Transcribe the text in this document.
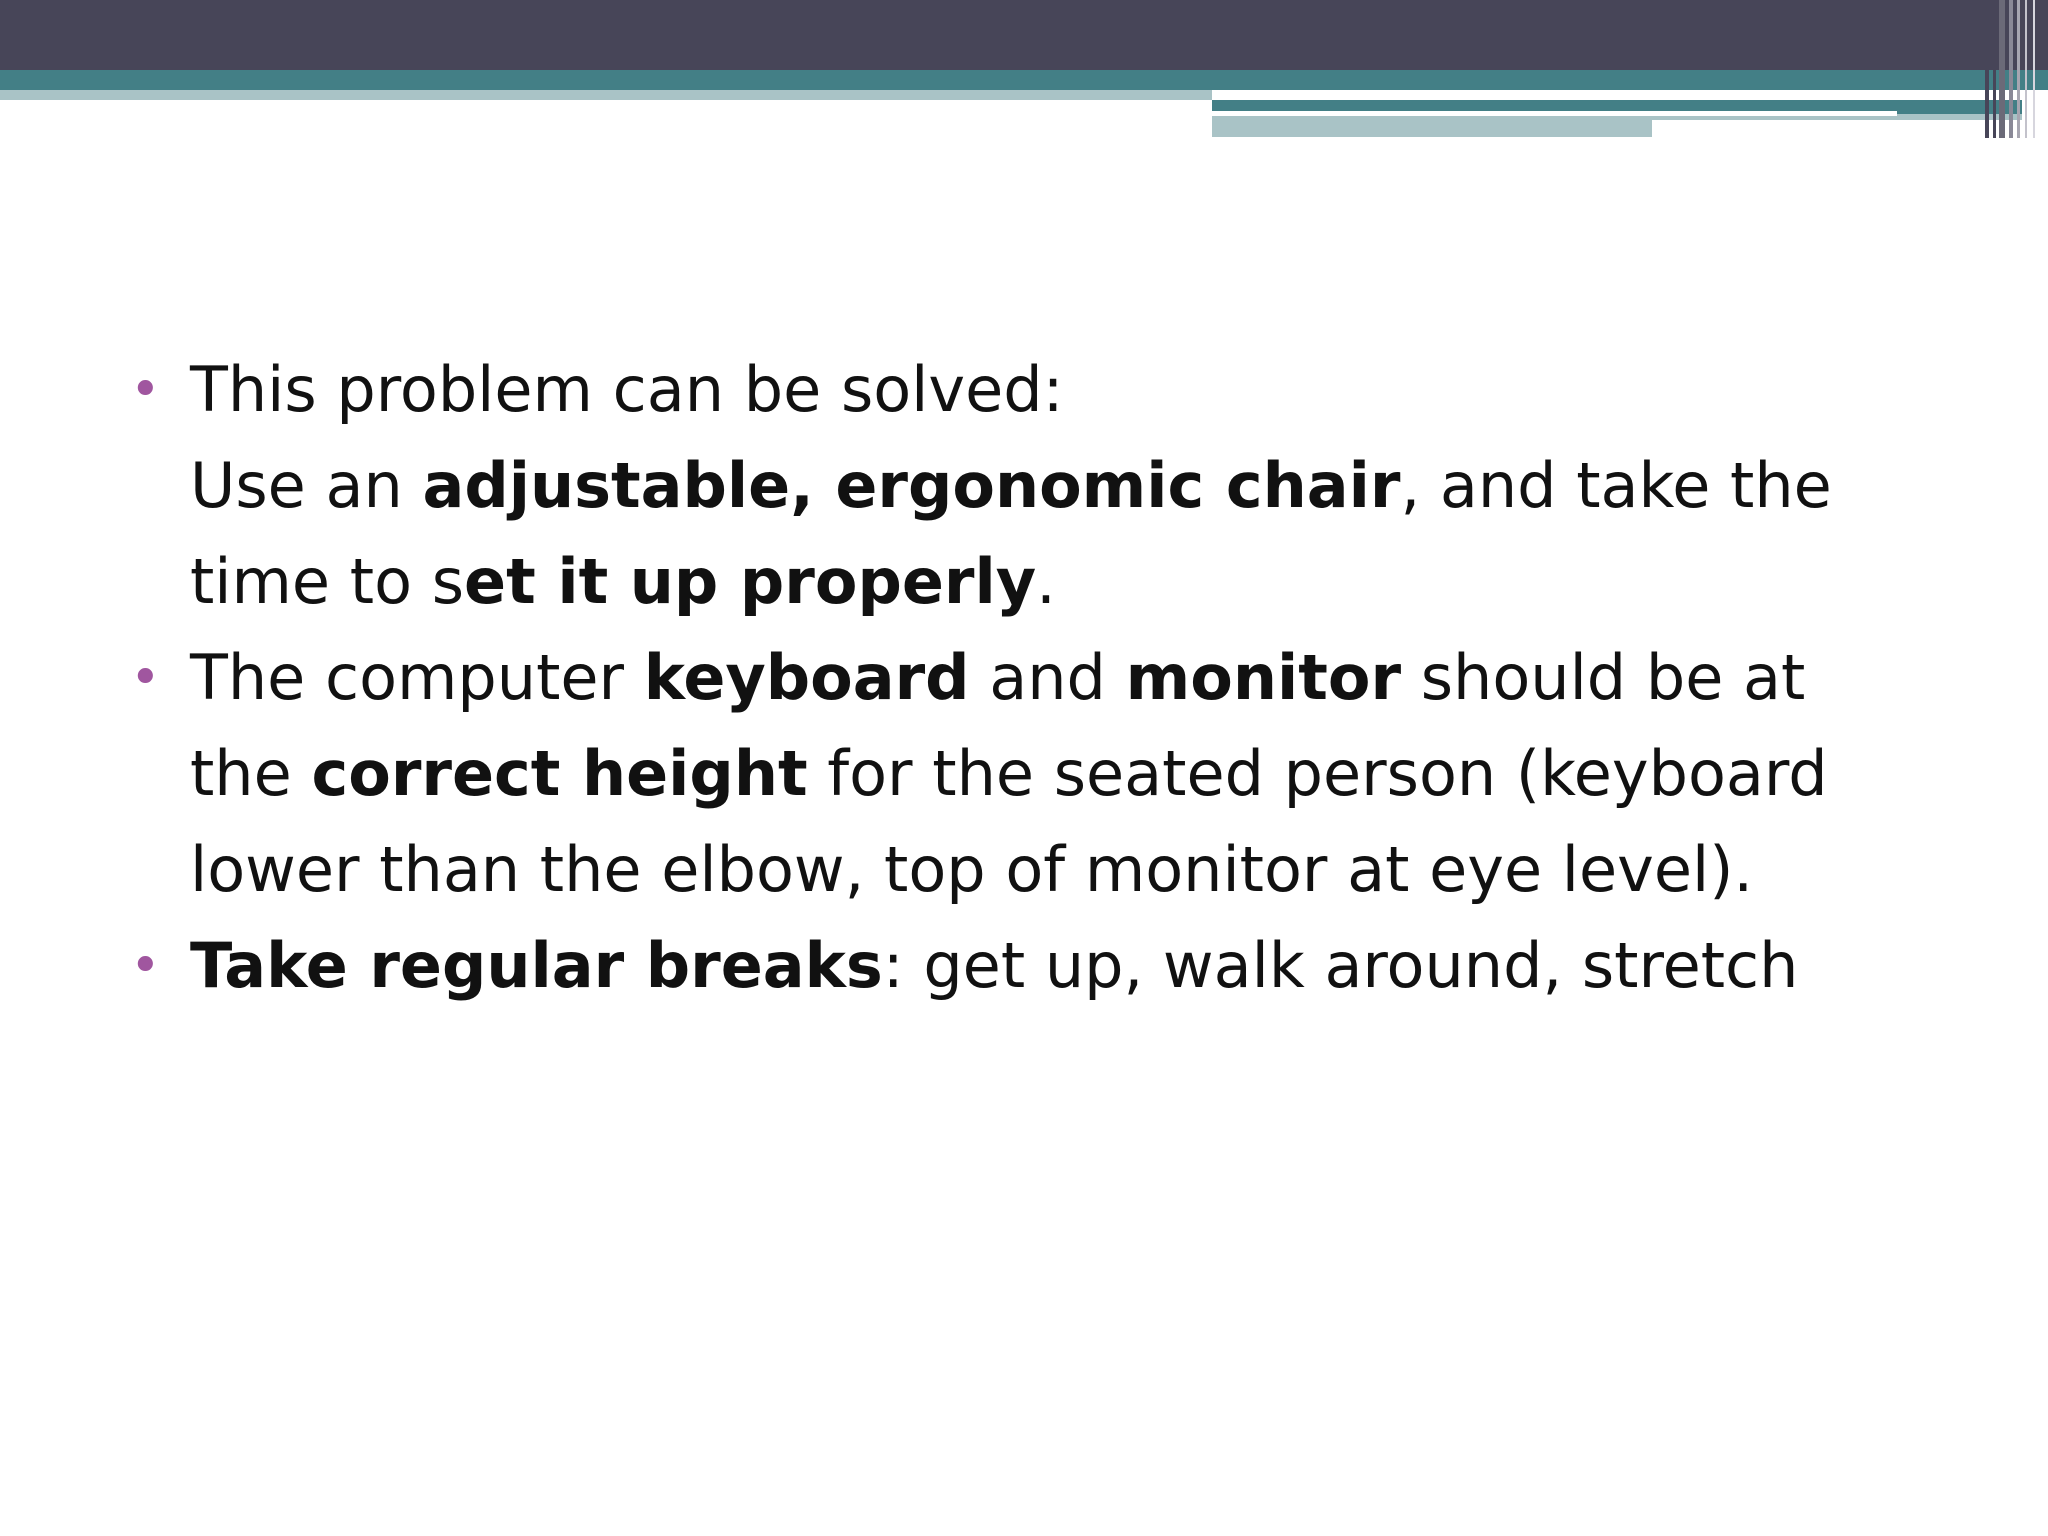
• This problem can be solved:
Use an adjustable, ergonomic chair, and take the time to set it up properly.
• The computer keyboard and monitor should be at the correct height for the seated person (keyboard lower than the elbow, top of monitor at eye level).
• Take regular breaks: get up, walk around, stretch
